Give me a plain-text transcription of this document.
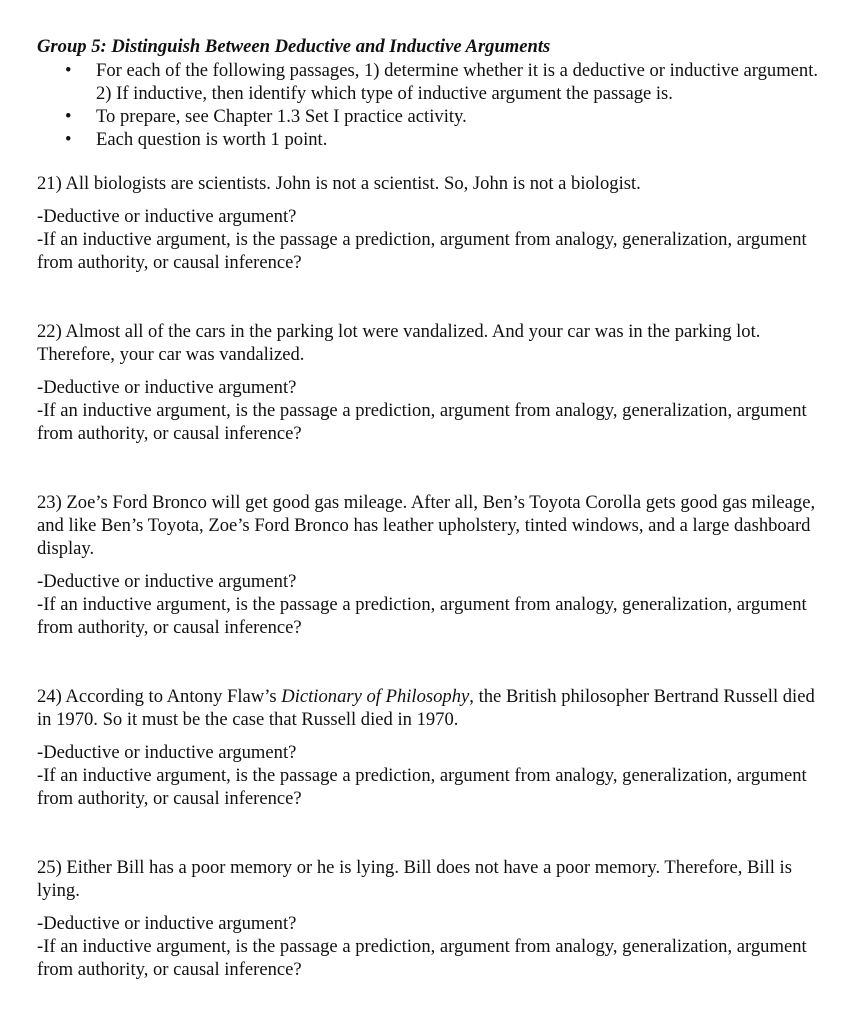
Group 5: Distinguish Between Deductive and Inductive Arguments

• For each of the following passages, 1) determine whether it is a deductive or inductive argument. 2) If inductive, then identify which type of inductive argument the passage is.
• To prepare, see Chapter 1.3 Set I practice activity.
• Each question is worth 1 point.

21) All biologists are scientists. John is not a scientist. So, John is not a biologist.

-Deductive or inductive argument?

-If an inductive argument, is the passage a prediction, argument from analogy, generalization, argument from authority, or causal inference?

22) Almost all of the cars in the parking lot were vandalized. And your car was in the parking lot. Therefore, your car was vandalized.

-Deductive or inductive argument?

-If an inductive argument, is the passage a prediction, argument from analogy, generalization, argument from authority, or causal inference?

23) Zoe’s Ford Bronco will get good gas mileage. After all, Ben’s Toyota Corolla gets good gas mileage, and like Ben’s Toyota, Zoe’s Ford Bronco has leather upholstery, tinted windows, and a large dashboard display.

-Deductive or inductive argument?

-If an inductive argument, is the passage a prediction, argument from analogy, generalization, argument from authority, or causal inference?

24) According to Antony Flaw’s Dictionary of Philosophy, the British philosopher Bertrand Russell died in 1970. So it must be the case that Russell died in 1970.

-Deductive or inductive argument?

-If an inductive argument, is the passage a prediction, argument from analogy, generalization, argument from authority, or causal inference?

25) Either Bill has a poor memory or he is lying. Bill does not have a poor memory. Therefore, Bill is lying.

-Deductive or inductive argument?

-If an inductive argument, is the passage a prediction, argument from analogy, generalization, argument from authority, or causal inference?
